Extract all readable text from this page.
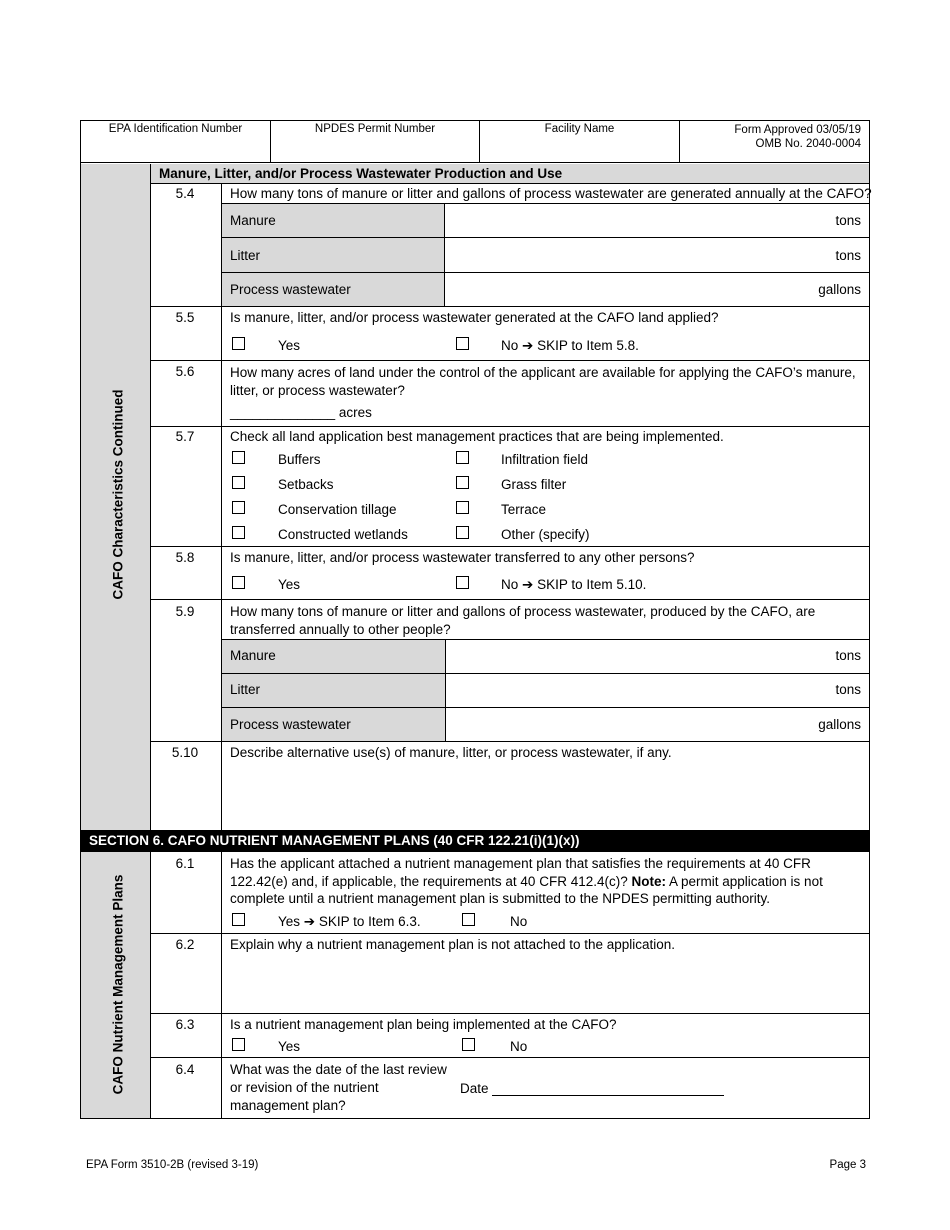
EPA Identification Number	NPDES Permit Number	Facility Name	Form Approved 03/05/19
OMB No. 2040-0004
Manure, Litter, and/or Process Wastewater Production and Use
CAFO Characteristics Continued
5.4	How many tons of manure or litter and gallons of process wastewater are generated annually at the CAFO?
Manure	tons
Litter	tons
Process wastewater	gallons
5.5	Is manure, litter, and/or process wastewater generated at the CAFO land applied?
Yes	No ➔ SKIP to Item 5.8.
5.6	How many acres of land under the control of the applicant are available for applying the CAFO’s manure, litter, or process wastewater?
______________ acres
5.7	Check all land application best management practices that are being implemented.
Buffers	Infiltration field
Setbacks	Grass filter
Conservation tillage	Terrace
Constructed wetlands	Other (specify)
5.8	Is manure, litter, and/or process wastewater transferred to any other persons?
Yes	No ➔ SKIP to Item 5.10.
5.9	How many tons of manure or litter and gallons of process wastewater, produced by the CAFO, are transferred annually to other people?
Manure	tons
Litter	tons
Process wastewater	gallons
5.10	Describe alternative use(s) of manure, litter, or process wastewater, if any.
SECTION 6. CAFO NUTRIENT MANAGEMENT PLANS (40 CFR 122.21(i)(1)(x))
CAFO Nutrient Management Plans
6.1	Has the applicant attached a nutrient management plan that satisfies the requirements at 40 CFR 122.42(e) and, if applicable, the requirements at 40 CFR 412.4(c)? Note: A permit application is not complete until a nutrient management plan is submitted to the NPDES permitting authority.
Yes ➔ SKIP to Item 6.3.	No
6.2	Explain why a nutrient management plan is not attached to the application.
6.3	Is a nutrient management plan being implemented at the CAFO?
Yes	No
6.4	What was the date of the last review
or revision of the nutrient
management plan?
Date
EPA Form 3510-2B (revised 3-19)	Page 3
